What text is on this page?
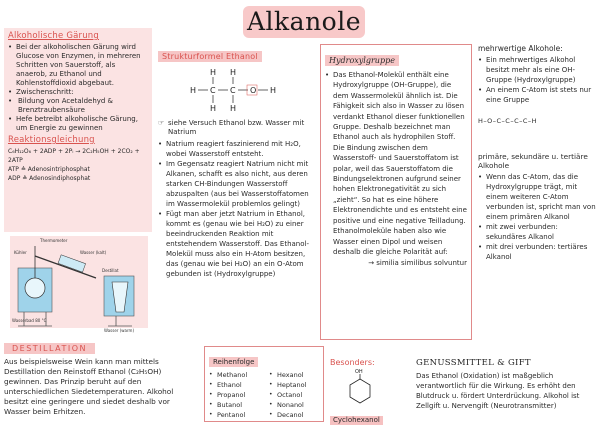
Alkanole
Alkoholische Gärung
• Bei der alkoholischen Gärung wird Glucose von Enzymen, in mehreren Schritten von Sauerstoff, als anaerob, zu Ethanol und Kohlenstoffdioxid abgebaut.
• Zwischenschritt:
• Bildung von Acetaldehyd & Brenztraubensäure
• Hefe betreibt alkoholische Gärung, um Energie zu gewinnen
Reaktionsgleichung
C₆H₁₂O₆ + 2ADP + 2Pᵢ → 2C₂H₅OH + 2CO₂ + 2ATP
ATP ≙ Adenosintriphosphat
ADP ≙ Adenosindiphosphat
Kühler
Thermometer
Destillat
Wasser (kalt)
Wasserbad 80 °C
Wasser (warm)
DESTILLATION
Aus beispielsweise Wein kann man mittels Destillation den Reinstoff Ethanol (C₂H₅OH) gewinnen. Das Prinzip beruht auf den unterschiedlichen Siedetemperaturen. Alkohol besitzt eine geringere und siedet deshalb vor Wasser beim Erhitzen.
Strukturformel Ethanol
H C C O H
H H
H H
☞ siehe Versuch Ethanol bzw. Wasser mit Natrium
• Natrium reagiert faszinierend mit H₂O, wobei Wasserstoff entsteht.
• Im Gegensatz reagiert Natrium nicht mit Alkanen, schafft es also nicht, aus deren starken CH-Bindungen Wasserstoff abzuspalten (aus bei Wasserstoffatomen im Wassermolekül problemlos gelingt)
• Fügt man aber jetzt Natrium in Ethanol, kommt es (genau wie bei H₂O) zu einer beeindruckenden Reaktion mit entstehendem Wasserstoff. Das Ethanol-Molekül muss also ein H-Atom besitzen, das (genau wie bei H₂O) an ein O-Atom gebunden ist (Hydroxylgruppe)
Hydroxylgruppe
• Das Ethanol-Molekül enthält eine Hydroxylgruppe (OH-Gruppe), die dem Wassermolekül ähnlich ist. Die Fähigkeit sich also in Wasser zu lösen verdankt Ethanol dieser funktionellen Gruppe. Deshalb bezeichnet man Ethanol auch als hydrophilen Stoff. Die Bindung zwischen dem Wasserstoff- und Sauerstoffatom ist polar, weil das Sauerstoffatom die Bindungselektronen aufgrund seiner hohen Elektronegativität zu sich „zieht“. So hat es eine höhere Elektronendichte und es entsteht eine positive und eine negative Teilladung. Ethanolmoleküle haben also wie Wasser einen Dipol und weisen deshalb die gleiche Polarität auf:
→ similia similibus solvuntur
mehrwertige Alkohole:
• Ein mehrwertiges Alkohol besitzt mehr als eine OH-Gruppe (Hydroxylgruppe)
• An einem C-Atom ist stets nur eine Gruppe
H–O–C–C–C–C–H
primäre, sekundäre u. tertiäre Alkohole
• Wenn das C-Atom, das die Hydroxylgruppe trägt, mit einem weiteren C-Atom verbunden ist, spricht man von einem primären Alkanol
• mit zwei verbunden: sekundäres Alkanol
• mit drei verbunden: tertiäres Alkanol
Reihenfolge
• Methanol
• Ethanol
• Propanol
• Butanol
• Pentanol
• Hexanol
• Heptanol
• Octanol
• Nonanol
• Decanol
Besonders:
OH
Cyclohexanol
GENUSSMITTEL & GIFT
Das Ethanol (Oxidation) ist maßgeblich verantwortlich für die Wirkung. Es erhöht den Blutdruck u. fördert Unterdrückung. Alkohol ist Zellgift u. Nervengift (Neurotransmitter)
